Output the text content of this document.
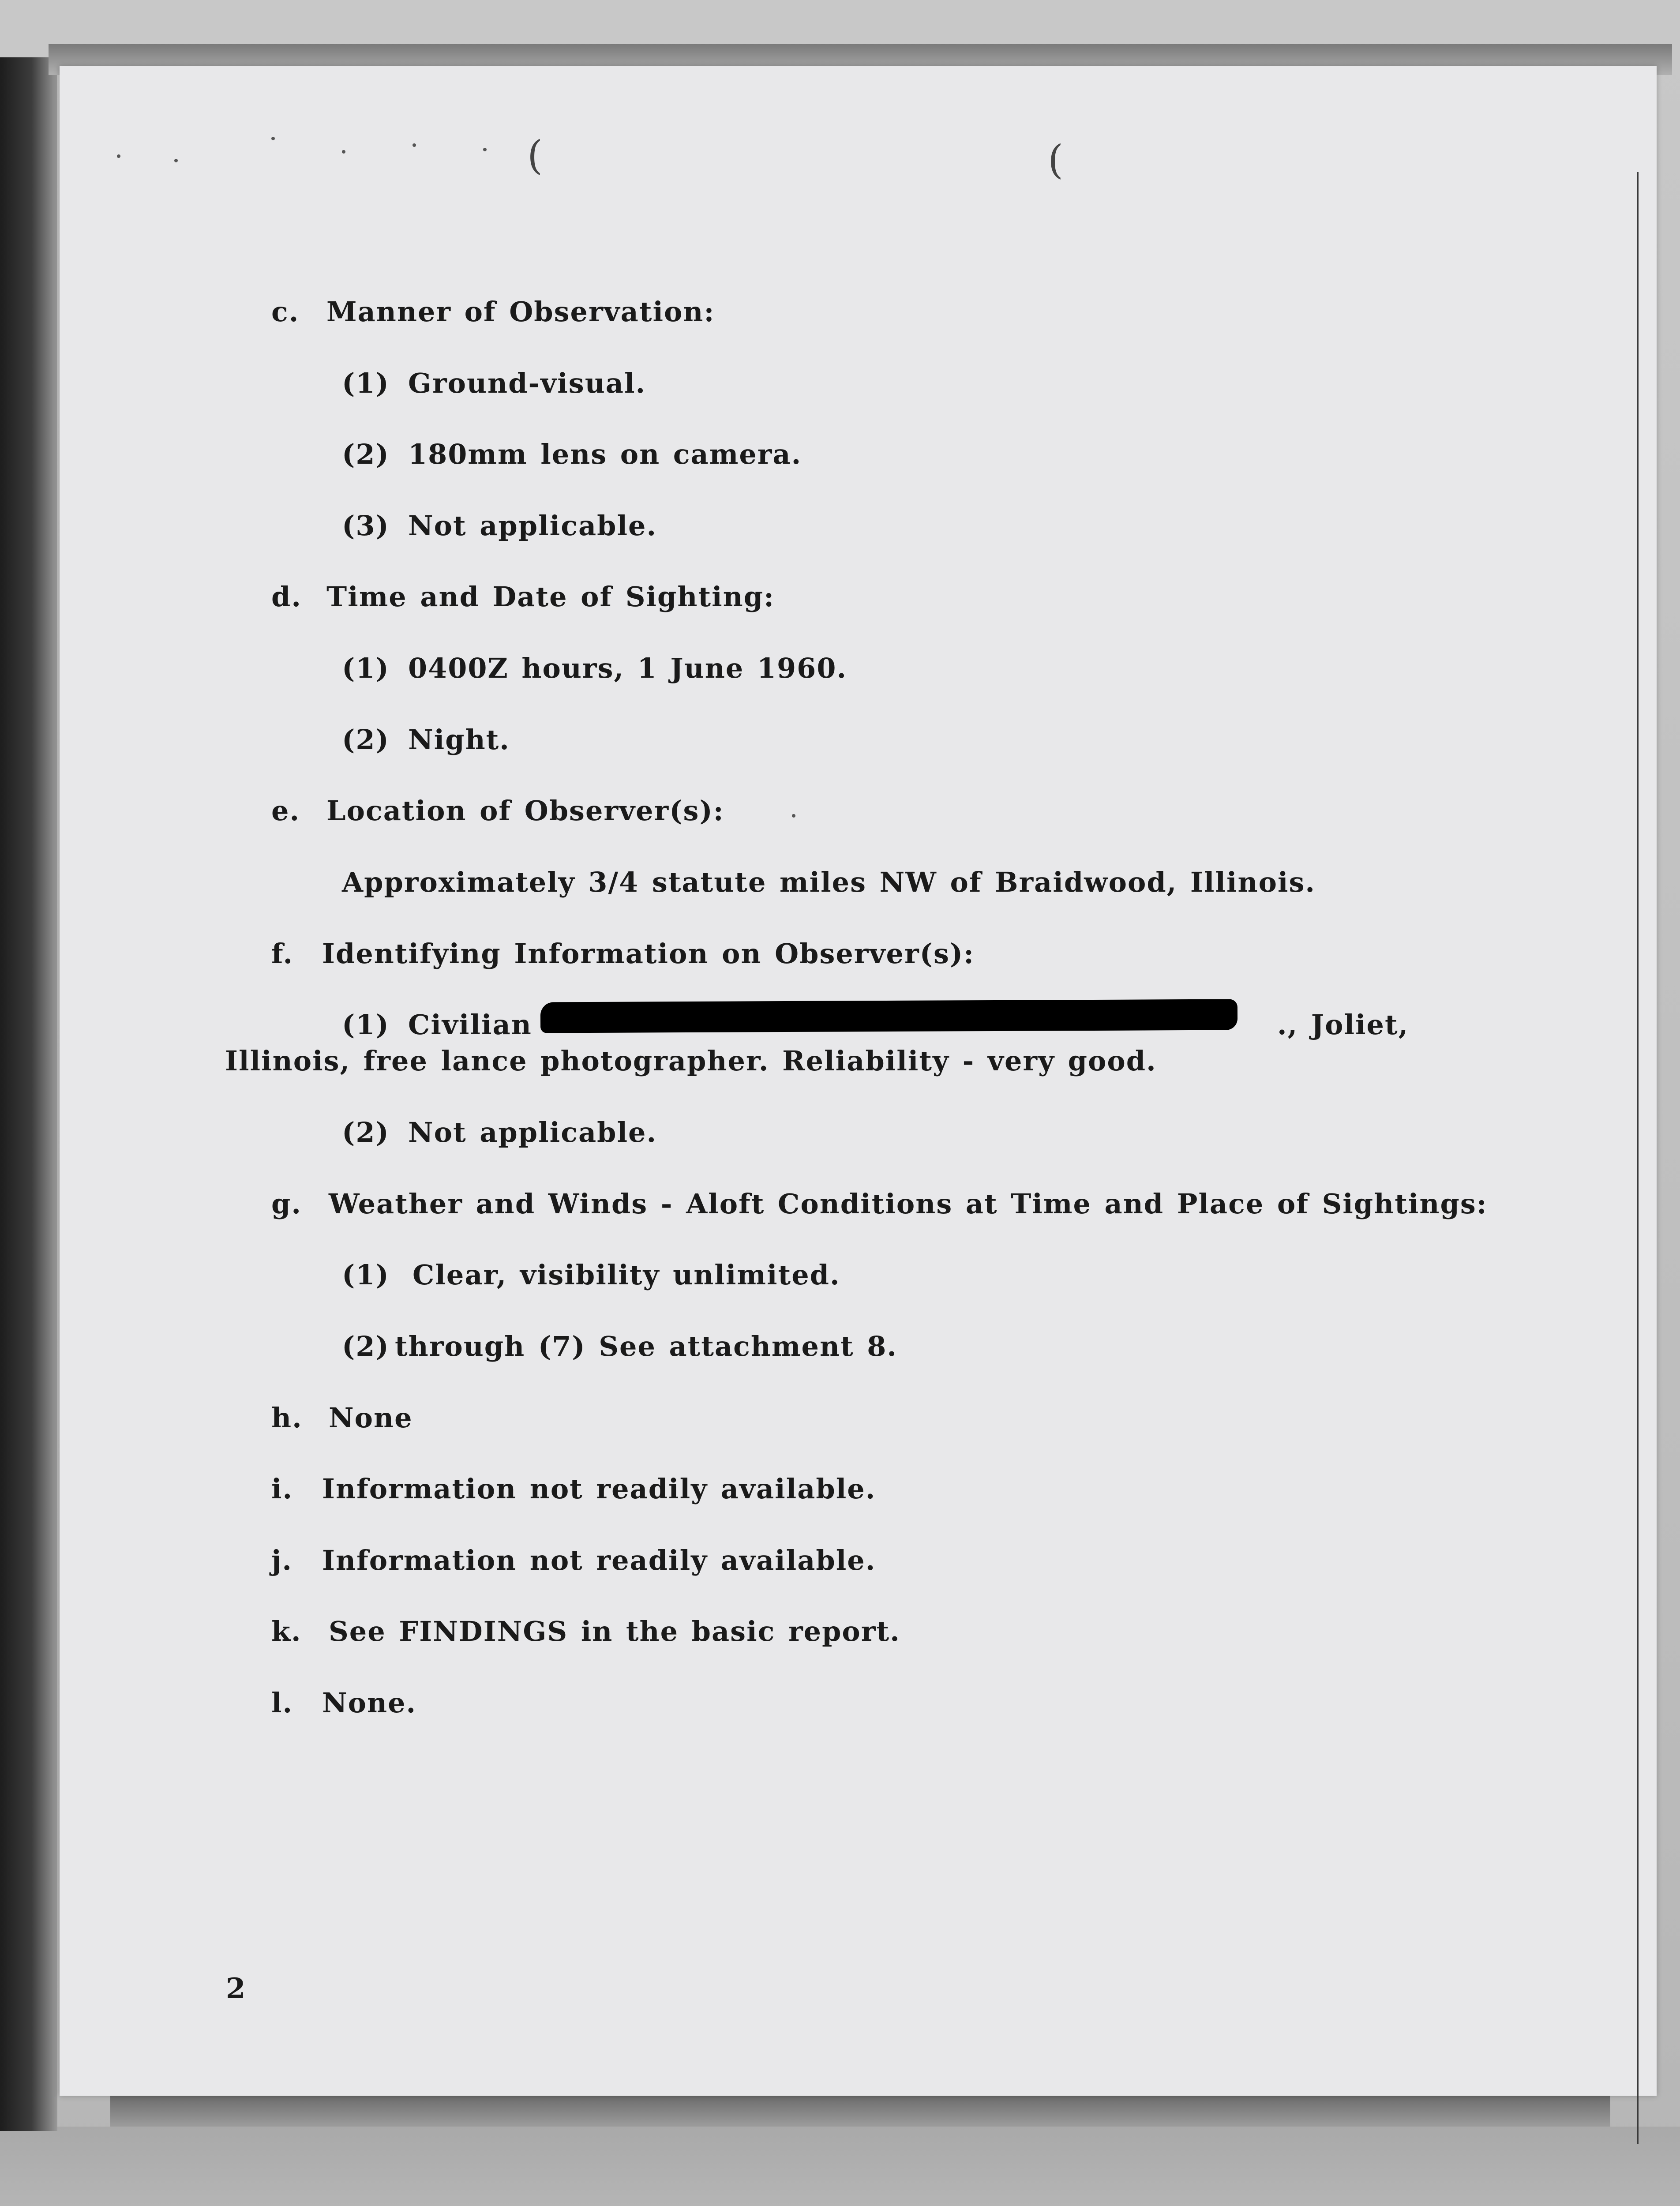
(	(
c. Manner of Observation:
(1) Ground-visual.
(2) 180mm lens on camera.
(3) Not applicable.
d. Time and Date of Sighting:
(1) 0400Z hours, 1 June 1960.
(2) Night.
e. Location of Observer(s):
Approximately 3/4 statute miles NW of Braidwood, Illinois.
f. Identifying Information on Observer(s):
(1) Civilian	., Joliet,
Illinois, free lance photographer. Reliability - very good.
(2) Not applicable.
g. Weather and Winds - Aloft Conditions at Time and Place of Sightings:
(1) Clear, visibility unlimited.
(2) through (7) See attachment 8.
h. None
i. Information not readily available.
j. Information not readily available.
k. See FINDINGS in the basic report.
l. None.
2
